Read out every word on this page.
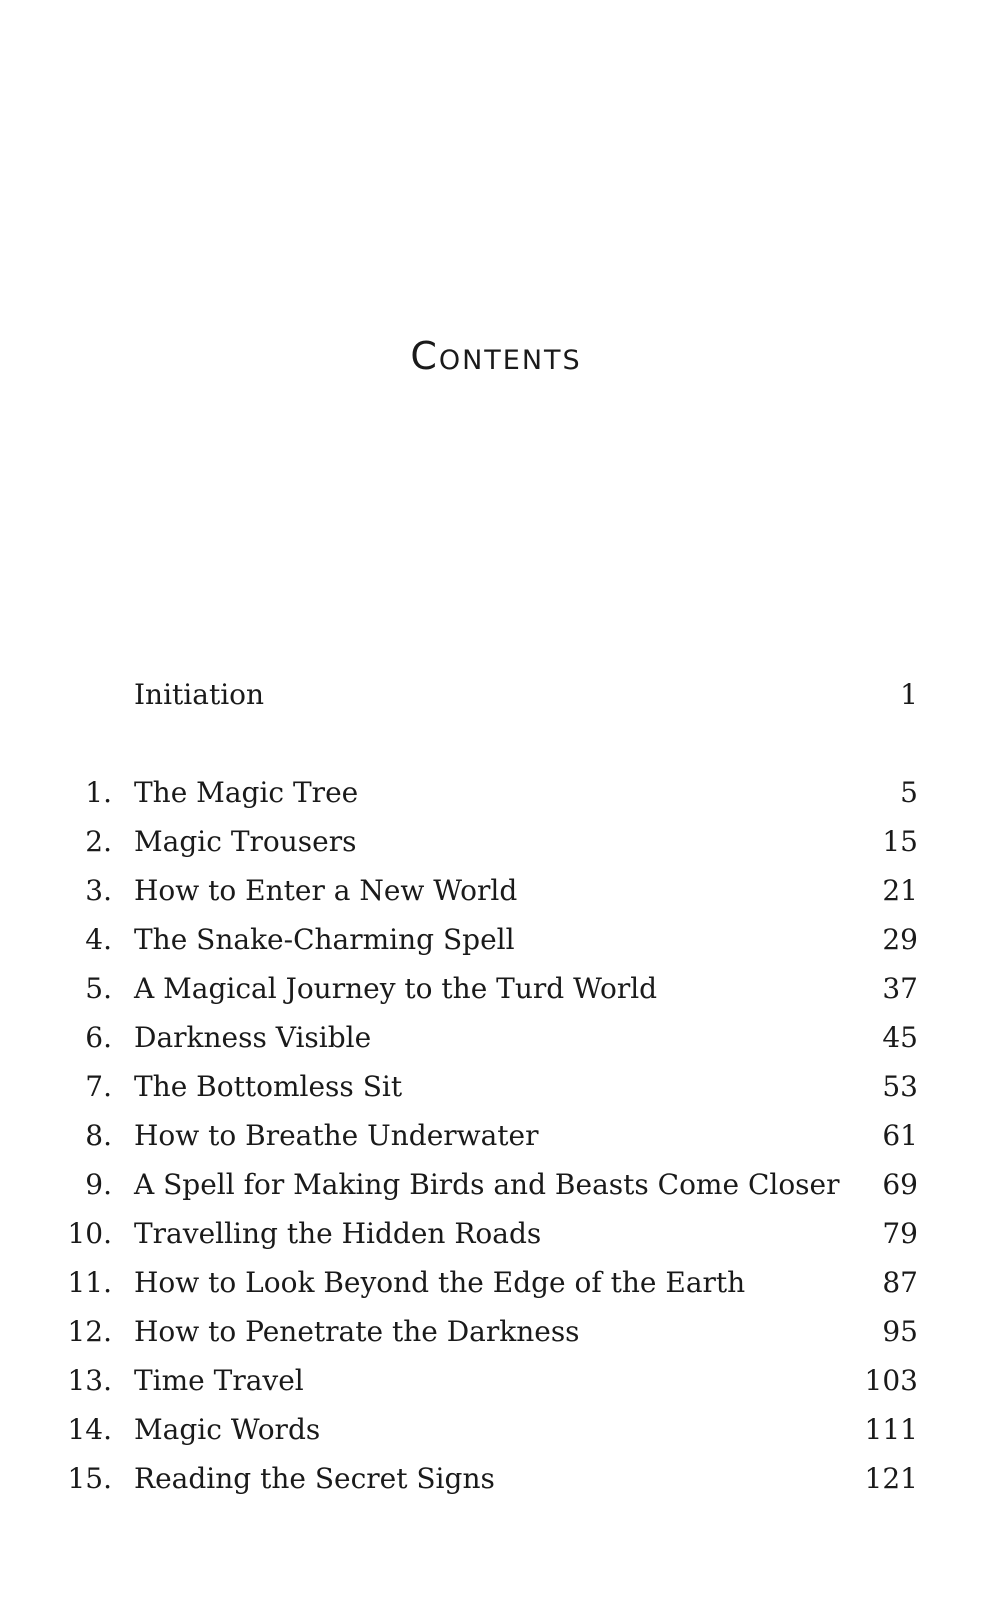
Contents
Initiation	1
1. The Magic Tree	5
2. Magic Trousers	15
3. How to Enter a New World	21
4. The Snake-Charming Spell	29
5. A Magical Journey to the Turd World	37
6. Darkness Visible	45
7. The Bottomless Sit	53
8. How to Breathe Underwater	61
9. A Spell for Making Birds and Beasts Come Closer 69
10. Travelling the Hidden Roads	79
11. How to Look Beyond the Edge of the Earth	87
12. How to Penetrate the Darkness	95
13. Time Travel	103
14. Magic Words	111
15. Reading the Secret Signs	121
